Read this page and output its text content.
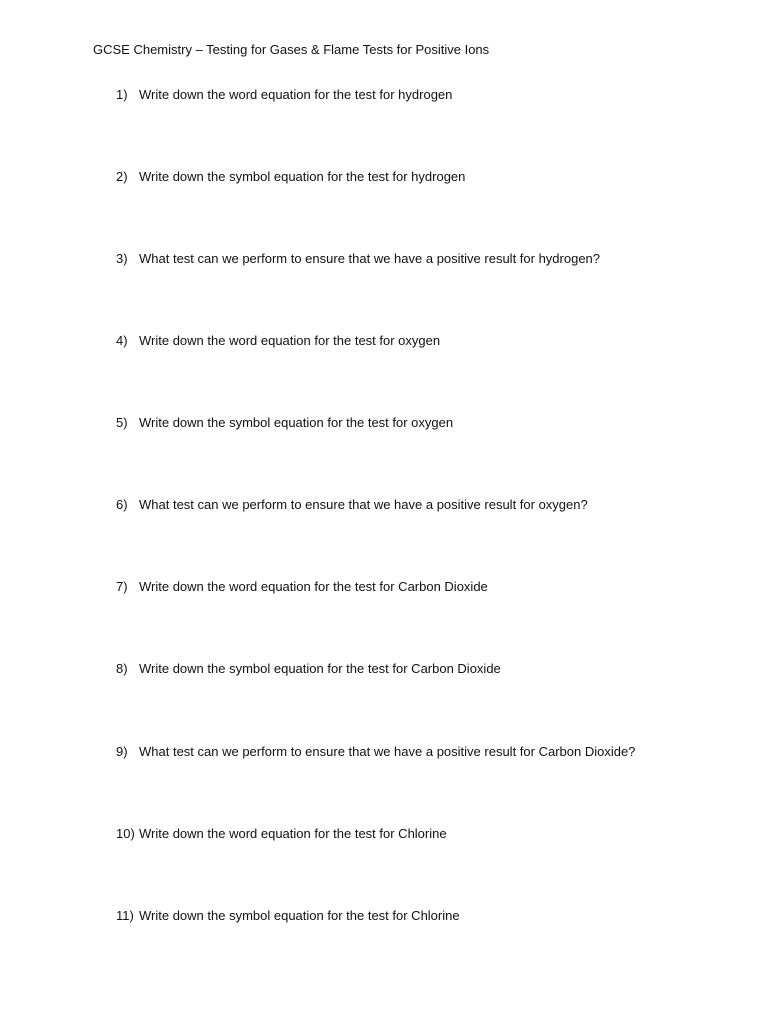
GCSE Chemistry – Testing for Gases & Flame Tests for Positive Ions
1) Write down the word equation for the test for hydrogen
2) Write down the symbol equation for the test for hydrogen
3) What test can we perform to ensure that we have a positive result for hydrogen?
4) Write down the word equation for the test for oxygen
5) Write down the symbol equation for the test for oxygen
6) What test can we perform to ensure that we have a positive result for oxygen?
7) Write down the word equation for the test for Carbon Dioxide
8) Write down the symbol equation for the test for Carbon Dioxide
9) What test can we perform to ensure that we have a positive result for Carbon Dioxide?
10) Write down the word equation for the test for Chlorine
11) Write down the symbol equation for the test for Chlorine
